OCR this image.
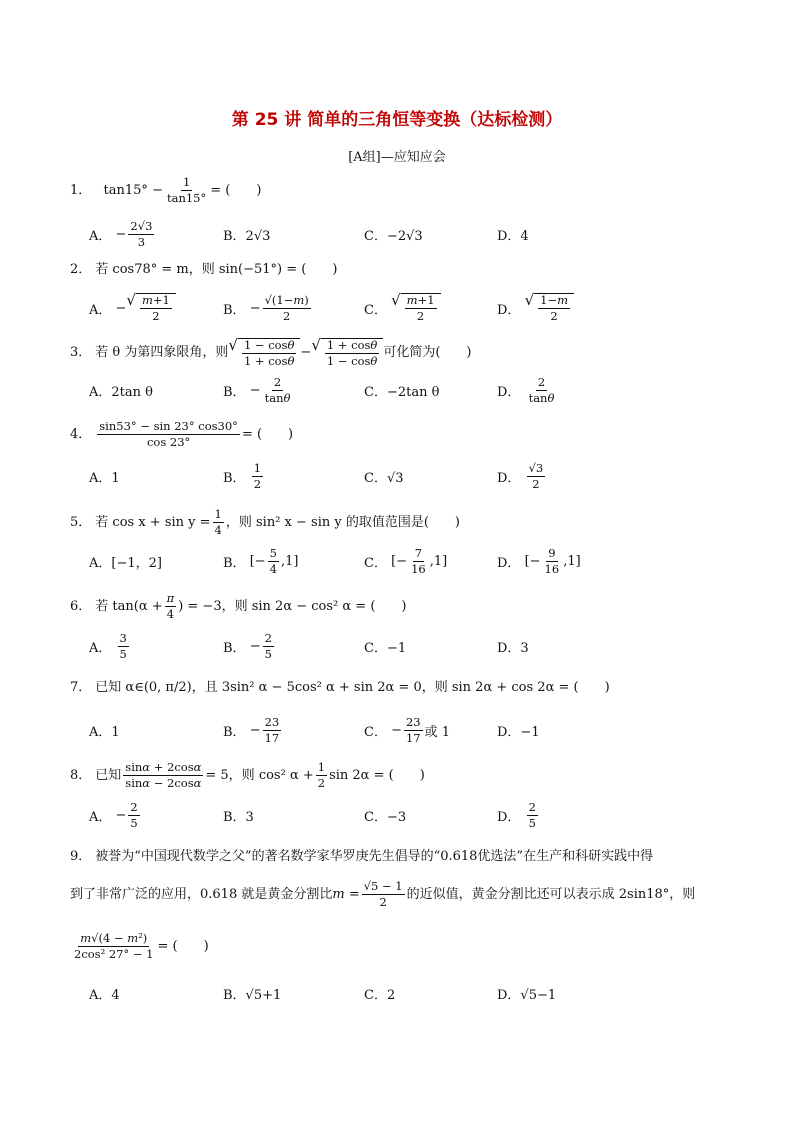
第 25 讲 简单的三角恒等变换（达标检测）
[A组]—应知应会
1． $\tan 15^\circ - \frac{1}{\tan 15^\circ}$ = (　　)
A． − $\frac{2√3}{3}$	B．2√3	C．−2√3	D．4
2． 若 cos78° = m，则 sin(−51°) = (　　)
A． − √ $\frac{m+1}{2}$	B． − $\frac{√(1-m)}{2}$	C．

√ $\frac{m+1}{2}$	D．

√ $\frac{1-m}{2}$
3． 若 θ 为第四象限角，则 √ $\frac{1 - \cos\theta}{1 + \cos\theta}$ − √ $\frac{1 + \cos\theta}{1 - \cos\theta}$ 可化简为(　　)
A．2tan θ	B． − $\frac{2}{\tan\theta}$	C．−2tan θ	D．
$\frac{2}{\tan\theta}$
4． $\frac{\sin 53^\circ - \sin 23^\circ \cos 30^\circ}{\cos 23^\circ}$ = (　　)
A．1	B．
$\frac{1}{2}$	C．√3	D．
$\frac{√3}{2}$
5． 若 $\cos x + \sin y = \frac{1}{4}$ ，则 sin² x − sin y 的取值范围是(　　)
A．[−1，2]	B． [− $\frac{5}{4} ,1$]	C． [− $\frac{7}{16} ,1$]	D． [− $\frac{9}{16} ,1$]
6． 若 $\tan(\alpha + \frac{\pi}{4}$ ) = −3，则 sin 2α − cos² α = (　　)
A．
$\frac{3}{5}$	B． − $\frac{2}{5}$	C．−1	D．3
7． 已知 α∈(0, π/2)，且 3sin² α − 5cos² α + sin 2α = 0，则 sin 2α + cos 2α = (　　)
A．1	B． − $\frac{23}{17}$	C． − $\frac{23}{17}$ 或 1	D．−1
8． 已知 $\frac{\sin\alpha + 2\cos\alpha}{\sin\alpha - 2\cos\alpha} = 5$，则 cos² $\alpha + \frac{1}{2}$ sin 2α = (　　)
A． − $\frac{2}{5}$	B．3	C．−3	D．
$\frac{2}{5}$
9． 被誉为“中国现代数学之父”的著名数学家华罗庚先生倡导的“0.618优选法”在生产和科研实践中得
到了非常广泛的应用，0.618 就是黄金分割比 $m = \frac{√5 - 1}{2}$ 的近似值，黄金分割比还可以表示成 2sin18°，则
$\frac{\text{m√(4 − m²)}}{\text{2cos² 27° − 1}}$ = (　　)
A．4	B．√5+1	C．2	D．√5−1
